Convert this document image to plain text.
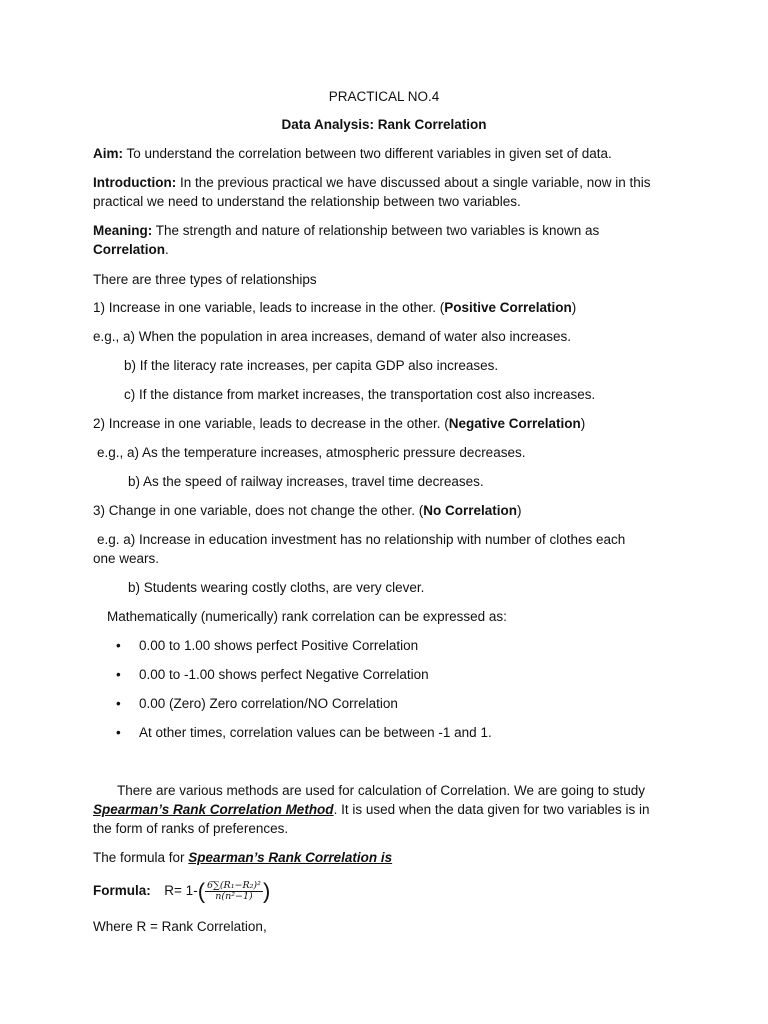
PRACTICAL NO.4
Data Analysis: Rank Correlation
Aim: To understand the correlation between two different variables in given set of data.
Introduction: In the previous practical we have discussed about a single variable, now in this
practical we need to understand the relationship between two variables.
Meaning: The strength and nature of relationship between two variables is known as
Correlation.
There are three types of relationships
1) Increase in one variable, leads to increase in the other. (Positive Correlation)
e.g., a) When the population in area increases, demand of water also increases.
b) If the literacy rate increases, per capita GDP also increases.
c) If the distance from market increases, the transportation cost also increases.
2) Increase in one variable, leads to decrease in the other. (Negative Correlation)
e.g., a) As the temperature increases, atmospheric pressure decreases.
b) As the speed of railway increases, travel time decreases.
3) Change in one variable, does not change the other. (No Correlation)
e.g. a) Increase in education investment has no relationship with number of clothes each
one wears.
b) Students wearing costly cloths, are very clever.
Mathematically (numerically) rank correlation can be expressed as:
• 0.00 to 1.00 shows perfect Positive Correlation
• 0.00 to -1.00 shows perfect Negative Correlation
• 0.00 (Zero) Zero correlation/NO Correlation
• At other times, correlation values can be between -1 and 1.
There are various methods are used for calculation of Correlation. We are going to study
Spearman’s Rank Correlation Method. It is used when the data given for two variables is in
the form of ranks of preferences.
The formula for Spearman’s Rank Correlation is
Formula: $R= 1-( \frac{\text{6∑(R₁−R₂)²}}{\text{n(n²−1)}}$ )
Where R = Rank Correlation,
